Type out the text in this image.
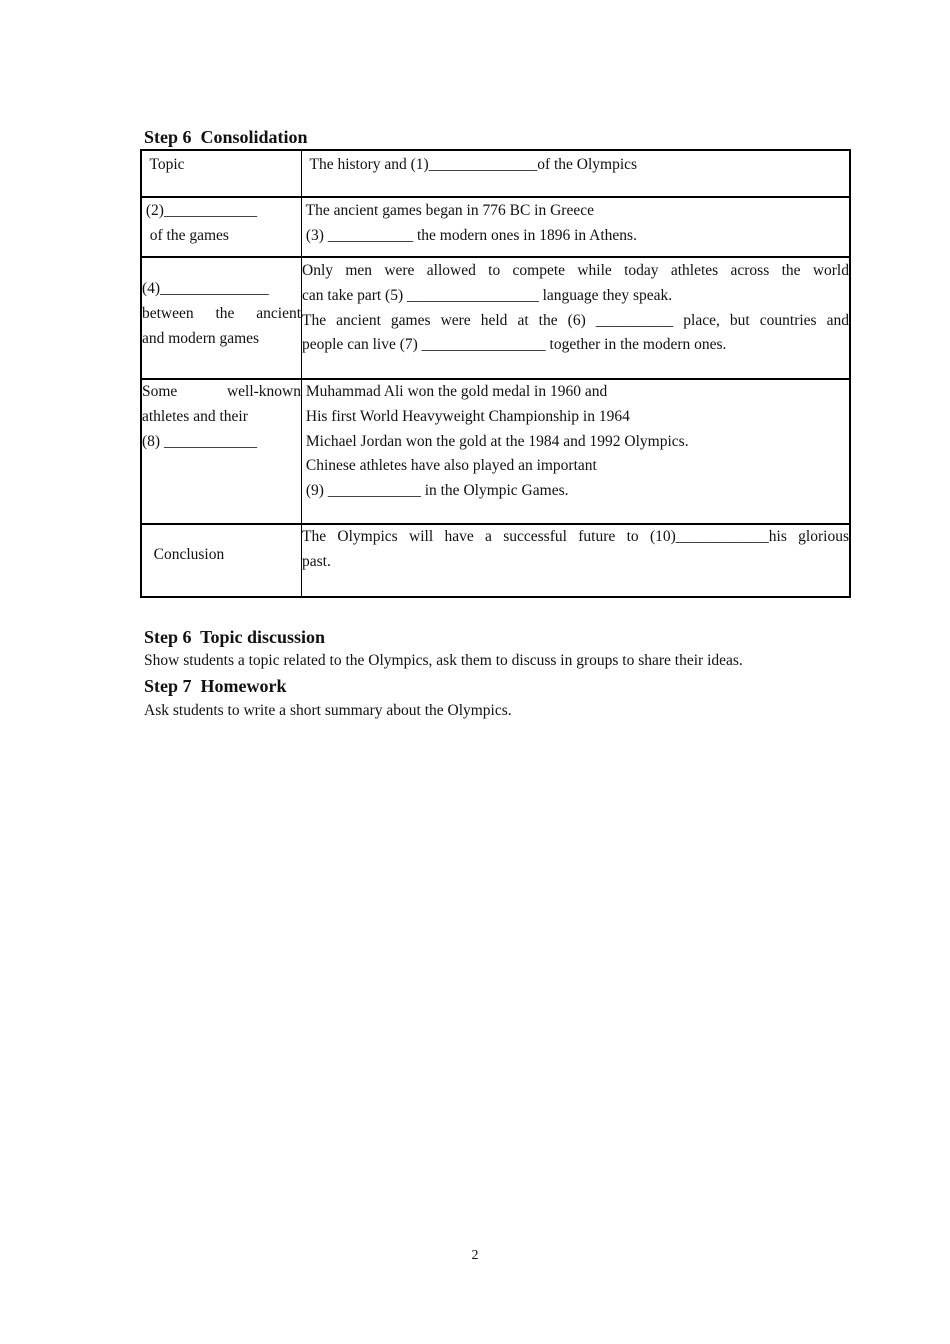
Step 6  Consolidation
Topic	The history and (1)______________of the Olympics
(2)____________
of the games
The ancient games began in 776 BC in Greece
(3) ___________ the modern ones in 1896 in Athens.
(4)______________
between the ancient
and modern games
Only men were allowed to compete while today athletes across the world
can take part (5) _________________ language they speak.
The ancient games were held at the (6) __________ place, but countries and
people can live (7) ________________ together in the modern ones.
Some well-known
athletes and their
(8) ____________
Muhammad Ali won the gold medal in 1960 and
His first World Heavyweight Championship in 1964
Michael Jordan won the gold at the 1984 and 1992 Olympics.
Chinese athletes have also played an important
(9) ____________ in the Olympic Games.
Conclusion
The Olympics will have a successful future to (10)____________his glorious
past.
Step 6  Topic discussion
Show students a topic related to the Olympics, ask them to discuss in groups to share their ideas.
Step 7  Homework
Ask students to write a short summary about the Olympics.
2
